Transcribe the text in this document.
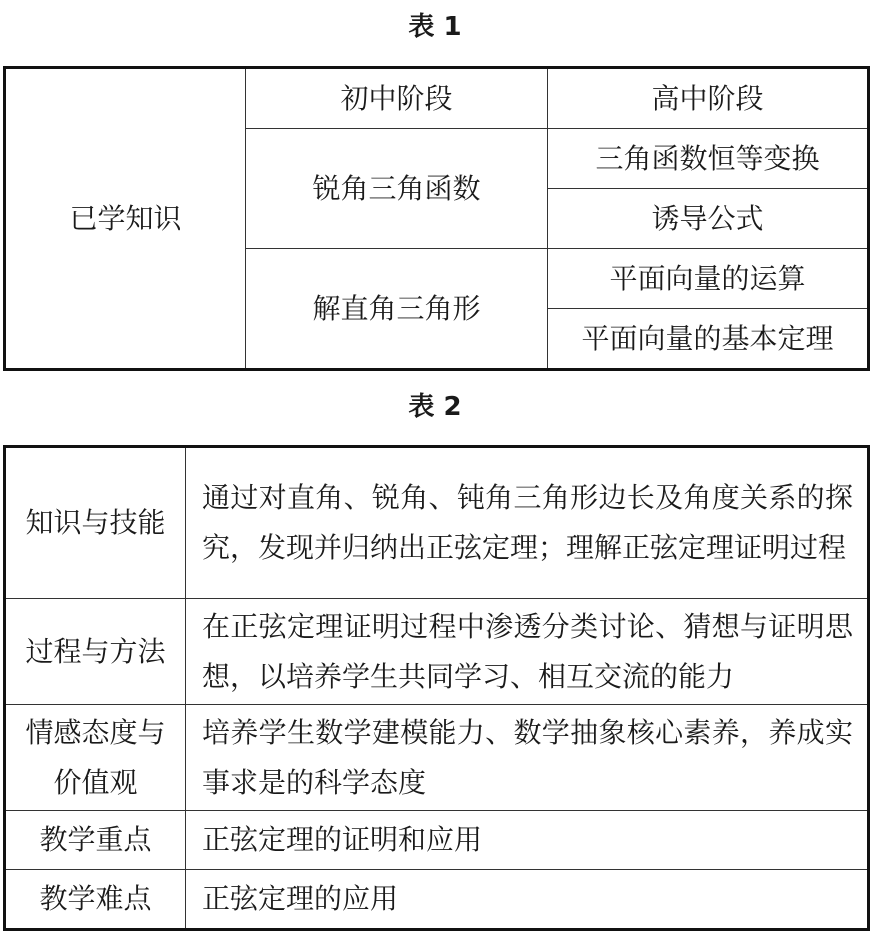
表 1
已学知识	初中阶段	高中阶段
	锐角三角函数	三角函数恒等变换
		诱导公式
	解直角三角形	平面向量的运算
		平面向量的基本定理
表 2
知识与技能	通过对直角、锐角、钝角三角形边长及角度关系的探究，发现并归纳出正弦定理；理解正弦定理证明过程
过程与方法	在正弦定理证明过程中渗透分类讨论、猜想与证明思想，以培养学生共同学习、相互交流的能力
情感态度与价值观	培养学生数学建模能力、数学抽象核心素养，养成实事求是的科学态度
教学重点	正弦定理的证明和应用
教学难点	正弦定理的应用
